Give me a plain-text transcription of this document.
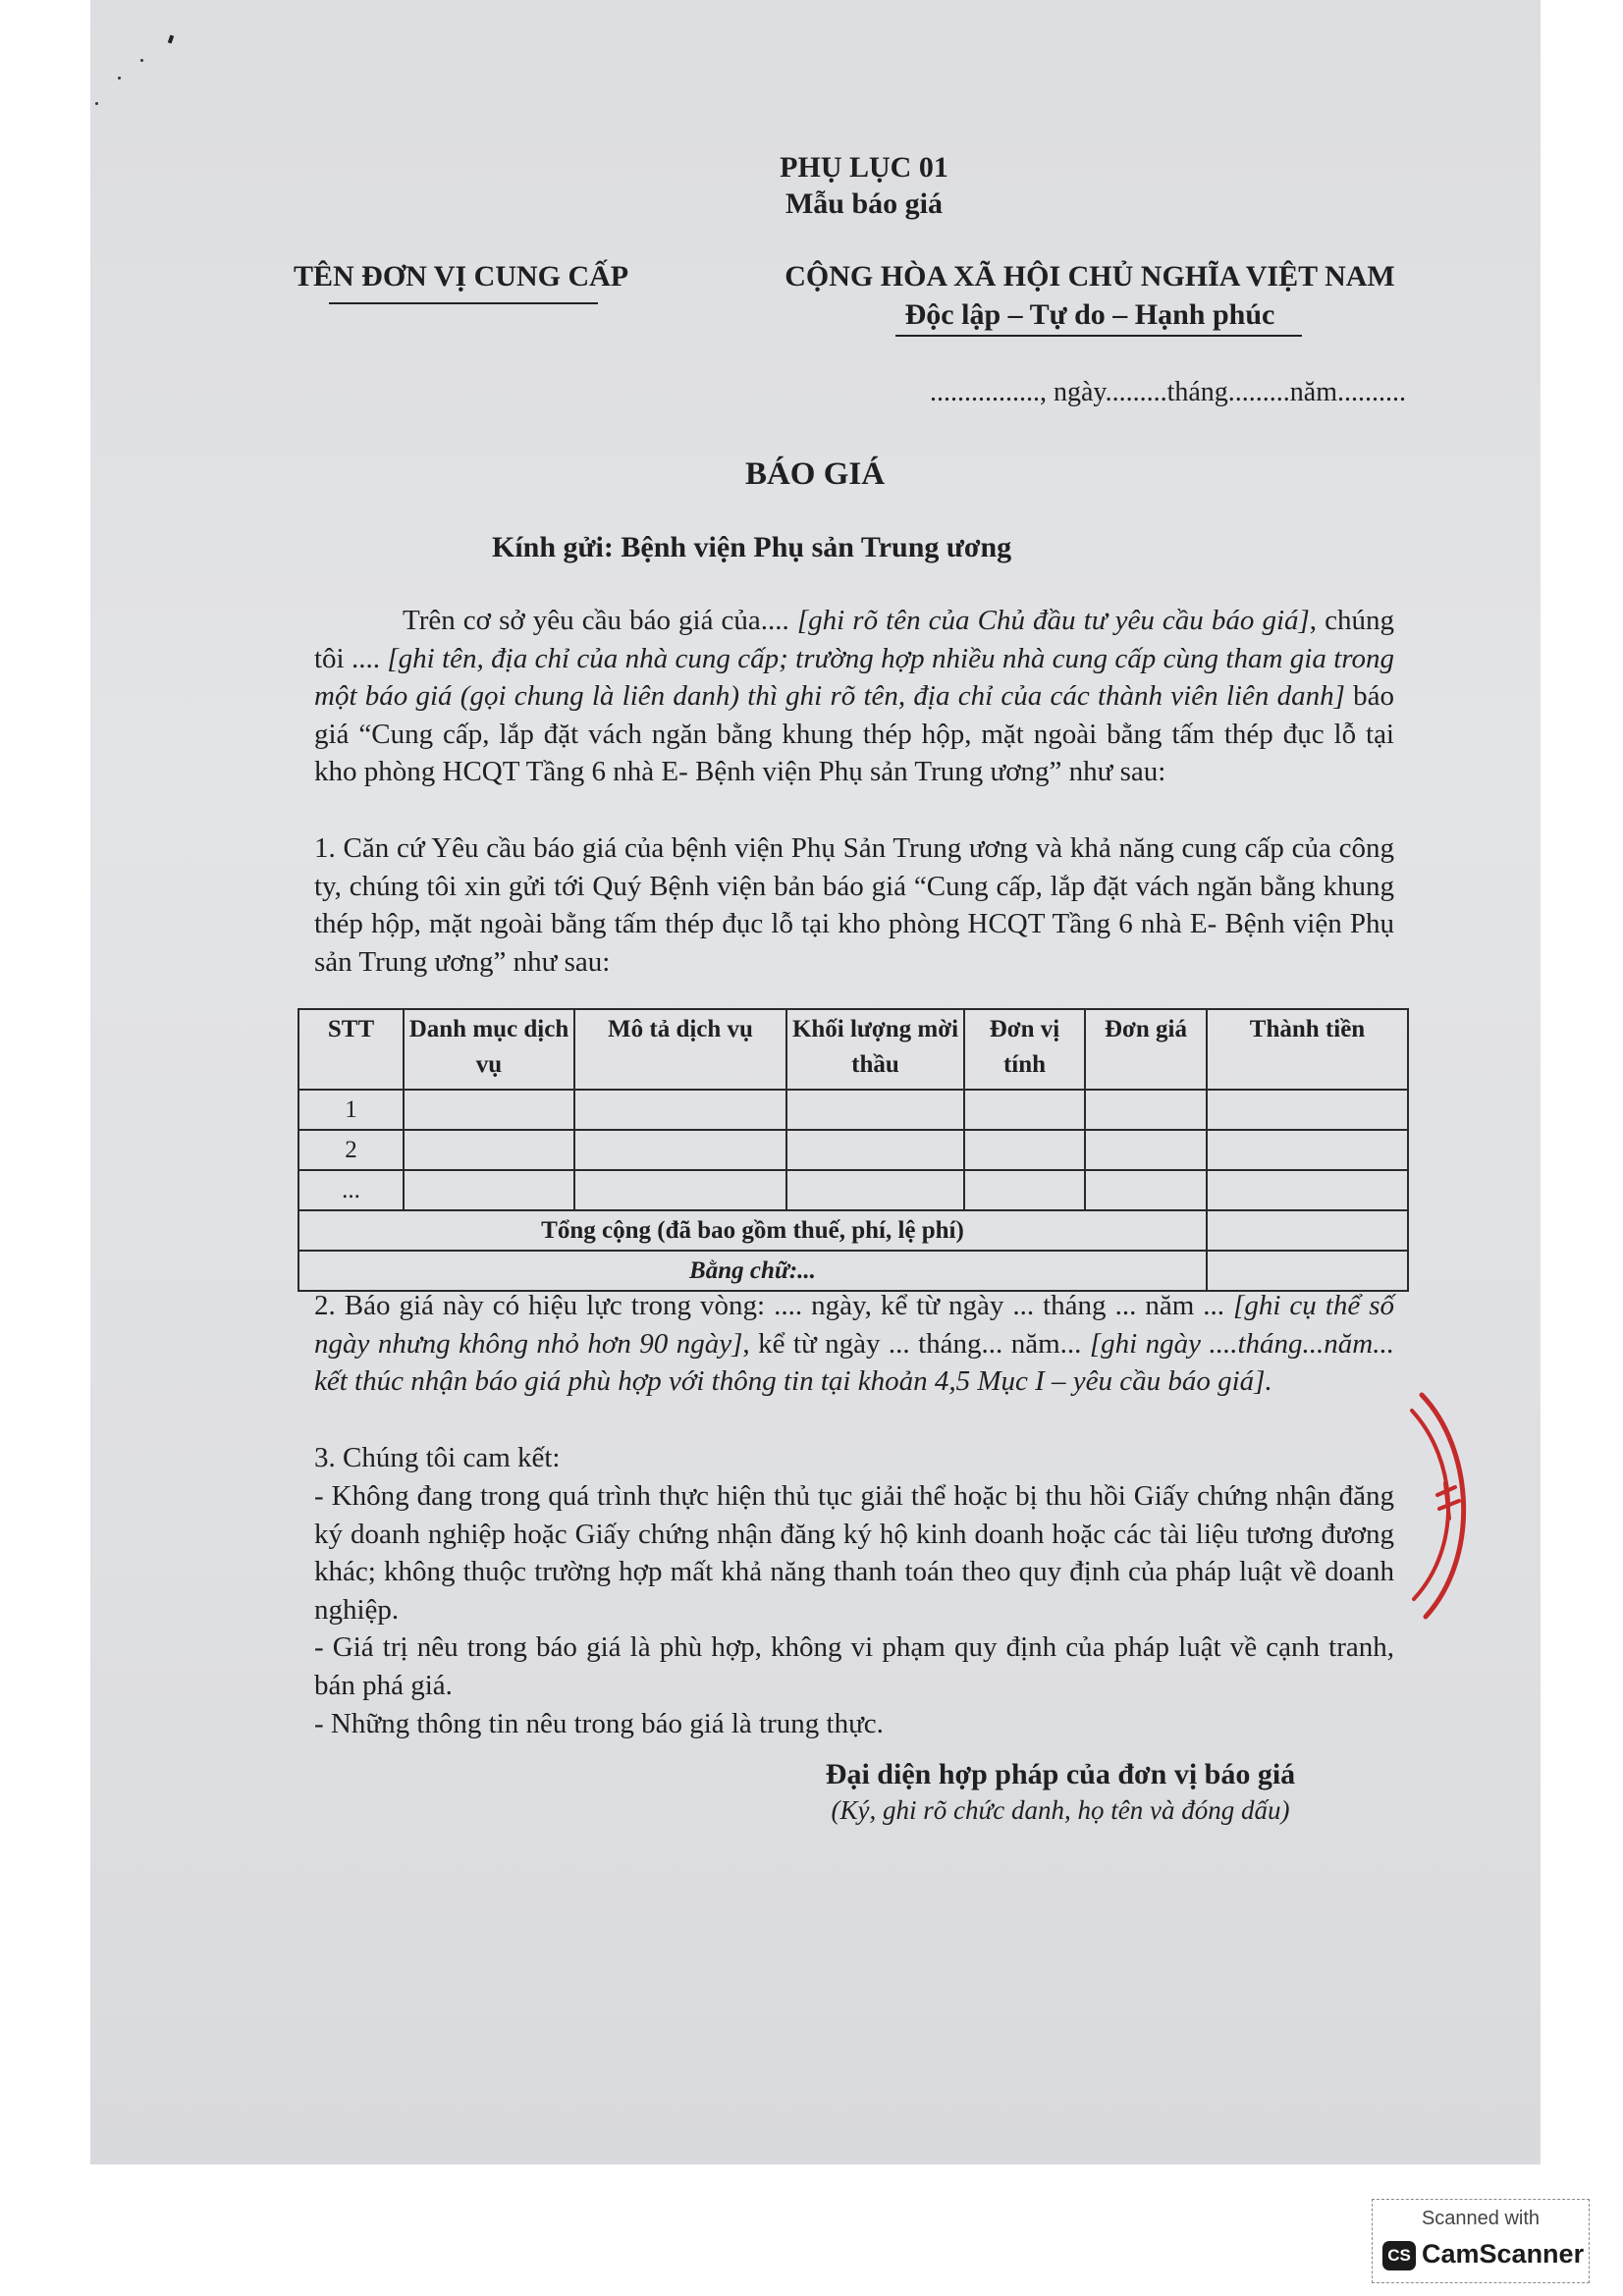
PHỤ LỤC 01
Mẫu báo giá
TÊN ĐƠN VỊ CUNG CẤP	CỘNG HÒA XÃ HỘI CHỦ NGHĨA VIỆT NAM
Độc lập – Tự do – Hạnh phúc
................, ngày.........tháng.........năm..........
BÁO GIÁ
Kính gửi: Bệnh viện Phụ sản Trung ương
Trên cơ sở yêu cầu báo giá của.... [ghi rõ tên của Chủ đầu tư yêu cầu báo giá], chúng tôi .... [ghi tên, địa chỉ của nhà cung cấp; trường hợp nhiều nhà cung cấp cùng tham gia trong một báo giá (gọi chung là liên danh) thì ghi rõ tên, địa chỉ của các thành viên liên danh] báo giá “Cung cấp, lắp đặt vách ngăn bằng khung thép hộp, mặt ngoài bằng tấm thép đục lỗ tại kho phòng HCQT Tầng 6 nhà E- Bệnh viện Phụ sản Trung ương” như sau:
1. Căn cứ Yêu cầu báo giá của bệnh viện Phụ Sản Trung ương và khả năng cung cấp của công ty, chúng tôi xin gửi tới Quý Bệnh viện bản báo giá “Cung cấp, lắp đặt vách ngăn bằng khung thép hộp, mặt ngoài bằng tấm thép đục lỗ tại kho phòng HCQT Tầng 6 nhà E- Bệnh viện Phụ sản Trung ương” như sau:
STT	Danh mục dịch vụ	Mô tả dịch vụ	Khối lượng mời thầu	Đơn vị tính	Đơn giá	Thành tiền
1						
2						
...						
Tổng cộng (đã bao gồm thuế, phí, lệ phí)						
Bằng chữ:...						
2. Báo giá này có hiệu lực trong vòng: .... ngày, kể từ ngày ... tháng ... năm ... [ghi cụ thể số ngày nhưng không nhỏ hơn 90 ngày], kể từ ngày ... tháng... năm... [ghi ngày ....tháng...năm... kết thúc nhận báo giá phù hợp với thông tin tại khoản 4,5 Mục I – yêu cầu báo giá].
3. Chúng tôi cam kết:
- Không đang trong quá trình thực hiện thủ tục giải thể hoặc bị thu hồi Giấy chứng nhận đăng ký doanh nghiệp hoặc Giấy chứng nhận đăng ký hộ kinh doanh hoặc các tài liệu tương đương khác; không thuộc trường hợp mất khả năng thanh toán theo quy định của pháp luật về doanh nghiệp.
- Giá trị nêu trong báo giá là phù hợp, không vi phạm quy định của pháp luật về cạnh tranh, bán phá giá.
- Những thông tin nêu trong báo giá là trung thực.
Đại diện hợp pháp của đơn vị báo giá
(Ký, ghi rõ chức danh, họ tên và đóng dấu)
Scanned with
CS CamScanner
